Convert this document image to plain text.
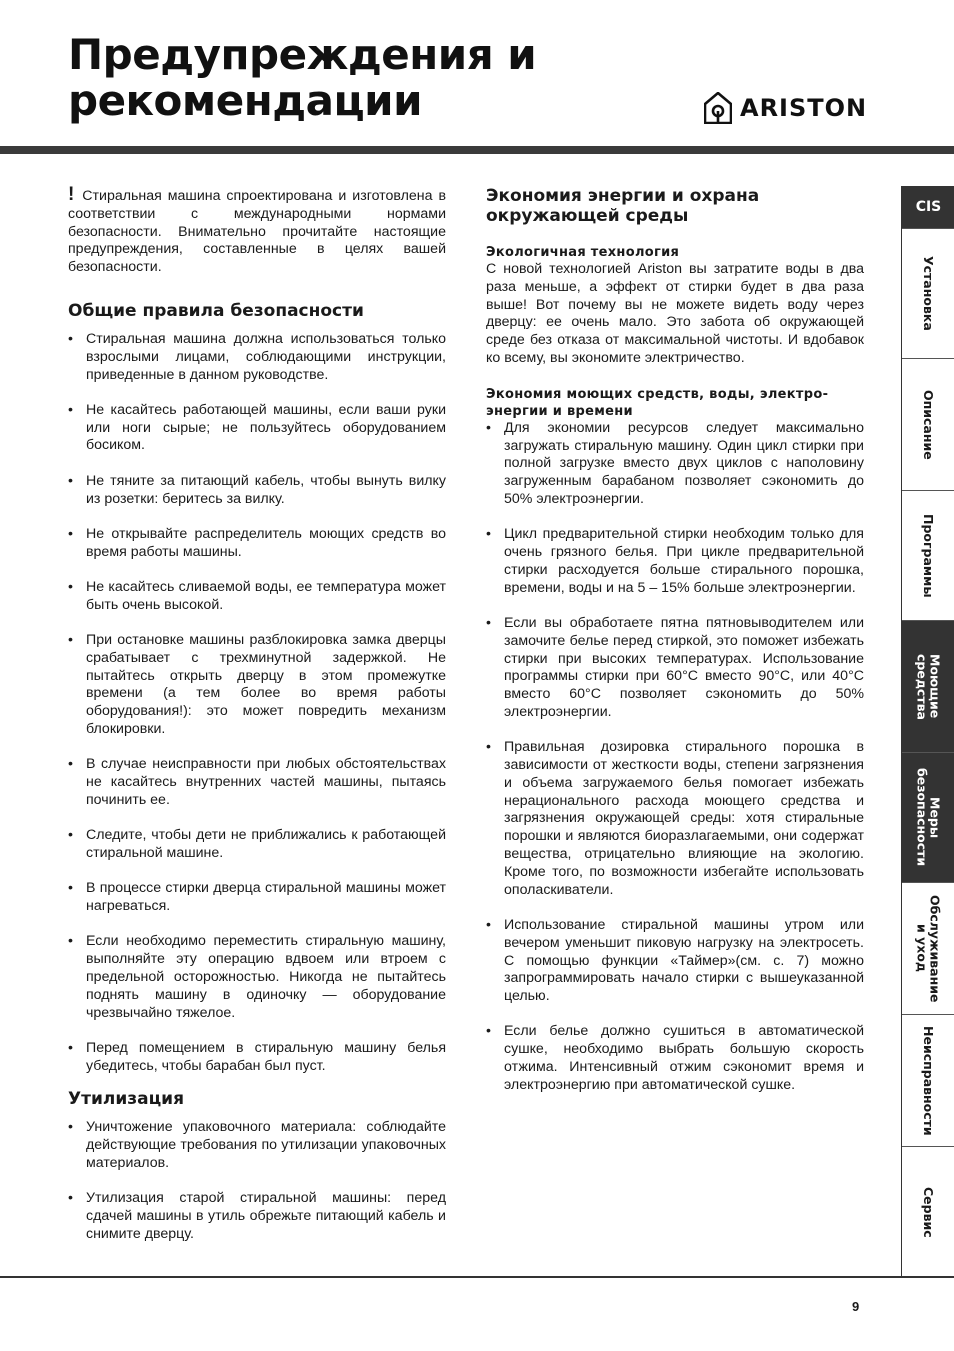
Предупреждения и
рекомендации	ARISTON

! Стиральная машина спроектирована и изготовлена в соответствии с международными нормами безопасности. Внимательно прочитайте настоящие предупреждения, составленные в целях вашей безопасности.

Общие правила безопасности
• Стиральная машина должна использоваться только взрослыми лицами, соблюдающими инструкции, приведенные в данном руководстве.
• Не касайтесь работающей машины, если ваши руки или ноги сырые; не пользуйтесь оборудованием босиком.
• Не тяните за питающий кабель, чтобы вынуть вилку из розетки: беритесь за вилку.
• Не открывайте распределитель моющих средств во время работы машины.
• Не касайтесь сливаемой воды, ее температура может быть очень высокой.
• При остановке машины разблокировка замка дверцы срабатывает с трехминутной задержкой. Не пытайтесь открыть дверцу в этом промежутке времени (а тем более во время работы оборудования!): это может повредить механизм блокировки.
• В случае неисправности при любых обстоятельствах не касайтесь внутренних частей машины, пытаясь починить ее.
• Следите, чтобы дети не приближались к работающей стиральной машине.
• В процессе стирки дверца стиральной машины может нагреваться.
• Если необходимо переместить стиральную машину, выполняйте эту операцию вдвоем или втроем с предельной осторожностью. Никогда не пытайтесь поднять машину в одиночку — оборудование чрезвычайно тяжелое.
• Перед помещением в стиральную машину белья убедитесь, чтобы барабан был пуст.
Утилизация
• Уничтожение упаковочного материала: соблюдайте действующие требования по утилизации упаковочных материалов.
• Утилизация старой стиральной машины: перед сдачей машины в утиль обрежьте питающий кабель и снимите дверцу.
Экономия энергии и охрана
окружающей среды
Экологичная технология

С новой технологией Ariston вы затратите воды в два раза меньше, а эффект от стирки будет в два раза выше! Вот почему вы не можете видеть воду через дверцу: ее очень мало. Это забота об окружающей среде без отказа от максимальной чистоты. И вдобавок ко всему, вы экономите электричество.

Экономия моющих средств, воды, электро-
энергии и времени
• Для экономии ресурсов следует максимально загружать стиральную машину. Один цикл стирки при полной загрузке вместо двух циклов с наполовину загруженным барабаном позволяет сэкономить до 50% электроэнергии.
• Цикл предварительной стирки необходим только для очень грязного белья. При цикле предварительной стирки расходуется больше стирального порошка, времени, воды и на 5 – 15% больше электроэнергии.
• Если вы обработаете пятна пятновыводителем или замочите белье перед стиркой, это поможет избежать стирки при высоких температурах. Использование программы стирки при 60°С вместо 90°С, или 40°С вместо 60°С позволяет сэкономить до 50% электроэнергии.
• Правильная дозировка стирального порошка в зависимости от жесткости воды, степени загрязнения и объема загружаемого белья помогает избежать нерационального расхода моющего средства и загрязнения окружающей среды: хотя стиральные порошки и являются биоразлагаемыми, они содержат вещества, отрицательно влияющие на экологию. Кроме того, по возможности избегайте использовать ополаскиватели.
• Использование стиральной машины утром или вечером уменьшит пиковую нагрузку на электросеть. С помощью функции «Таймер»(см. с. 7) можно запрограммировать начало стирки с вышеуказанной целью.
• Если белье должно сушиться в автоматической сушке, необходимо выбрать большую скорость отжима. Интенсивный отжим сэкономит время и электроэнергию при автоматической сушке.
CIS
Установка
Описание
Программы
Моющие
средства
Меры
безопасности
Обслуживание
и уход
Неисправности
Сервис
9
